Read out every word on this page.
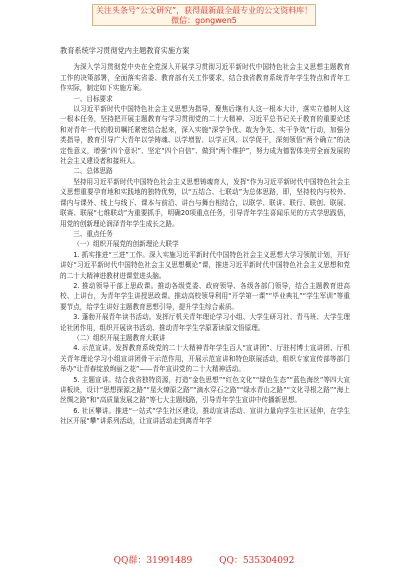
关注头条号“公文研究”，获得最新最全最专业的公文资料库！ 微信：gongwen5
教育系统学习贯彻党内主题教育实施方案
为深入学习贯彻党中央在全党深入开展学习贯彻习近平新时代中国特色社会主义思想主题教育工作的决策部署，全面落实省委、教育部有关工作要求，结合我省教育系统青年学生特点和青年工作实际，制定如下实施方案。
一、目标要求
以习近平新时代中国特色社会主义思想为指导，聚焦后继有人这一根本大计，落实立德树人这一根本任务，坚持把开展主题教育与学习贯彻党的二十大精神、习近平总书记关于教育的重要论述和对青年一代的殷切嘱托紧密结合起来，深入实施“深学争优、敢为争先、实干争效”行动，加强分类指导，教育引导广大青年以学铸魂、以学增智、以学正风、以学促干，深刻领悟“两个确立”的决定性意义，增强“四个意识”、坚定“四个自信”、做到“两个维护”，努力成为德智体美劳全面发展的社会主义建设者和接班人。
二、总体思路
坚持用习近平新时代中国特色社会主义思想铸魂育人，发挥“作为习近平新时代中国特色社会主义思想重要孕育地和实践地的独特优势，以“五结合、七联动”为总体思路，即，坚持校内与校外、课内与课外、线上与线下、课本与前沿、讲台与舞台相结合，以联学、联讲、联行、联创、联展、联赛、联展“七维联动”为重要抓手，明确20项重点任务，引导青年学生喜闻乐见的方式学思践悟，用党的创新理论润泽青年学生成长之路。
三、重点任务
（一）组织开展党的创新理论大联学
1. 抓实推进“三进”工作。深入实施习近平新时代中国特色社会主义思想大学习领航计划，开好讲好“习近平新时代中国特色社会主义思想概论”课，推进习近平新时代中国特色社会主义思想和党的二十大精神进教材进课堂进头脑。
2. 推动领导干部上思政课。推动各级党委、政府领导、各级各部门领导，结合主题教育进高校、上讲台，为青年学生讲授思政课。推动高校领导利用“开学第一课”“毕业典礼”“学生军训”等重要节点，给学生讲好主题教育思想引导，提升学生综合素质。
3. 蓬勃开展青年读书活动。发挥厅机关青年理论学习小组、大学生研习社、青马班、大学生理论社团作用，组织开展读书活动、推动青年学生学原著读原文悟原理。
（二）组织开展主题教育大联讲
4. 示范宣讲。发挥教育系统党的二十大精神青年学生百人“宣讲团”、厅驻村博士宣讲团、厅机关青年理论学习小组宣讲团骨干示范作用，开展示范宣讲和特色联展活动，组织专家宣传部等部门举办“让青春绽放绚丽之花”——青年宣讲党的二十大精神活动。
5. 主题宣讲。结合我省独特资源，打造“金色思想”“红色文化”“绿色生态”“蓝色海丝”等四大宣讲板块，设计“思想探源之路”“星火燎原之路”“滴水穿石之路”“绿水青山之路”“文化寻根之路”“海上丝绸之路”和“高质量发展之路”等七大主题线路，引导青年学生宣讲中传播新思想。
6. 社区攀讲。推进“一站式”学生社区建设，推动宣讲活动、宣讲力量向学生社区延伸，在学生社区开展“攀”讲系列活动，让宣讲活动走到离青年学
QQ群：31991489	QQ：535304092
